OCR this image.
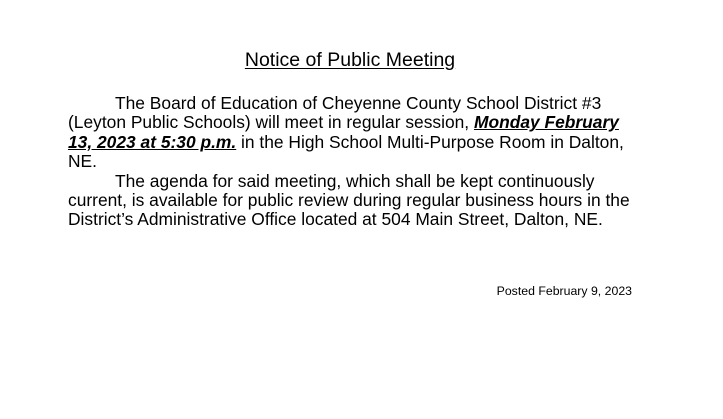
Notice of Public Meeting

The Board of Education of Cheyenne County School District #3 (Leyton Public Schools) will meet in regular session, Monday February 13, 2023 at 5:30 p.m. in the High School Multi-Purpose Room in Dalton, NE.

The agenda for said meeting, which shall be kept continuously current, is available for public review during regular business hours in the District’s Administrative Office located at 504 Main Street, Dalton, NE.

Posted February 9, 2023
